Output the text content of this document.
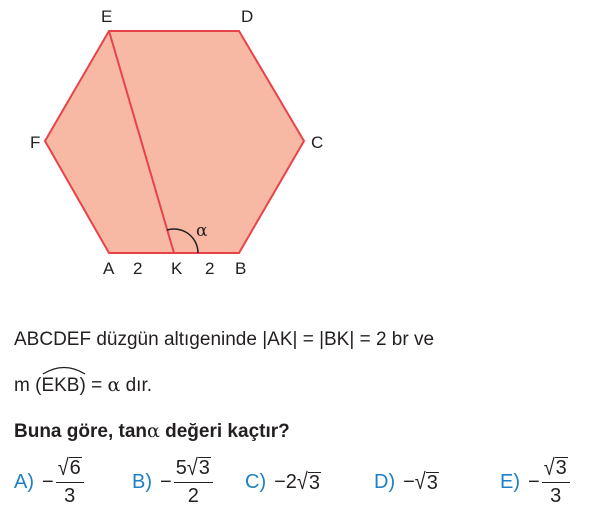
α
E	D
F	C
A 2 K 2 B
ABCDEF düzgün altıgeninde |AK| = |BK| = 2 br ve
m (
EKB) = α dır.
Buna göre, tanα değeri kaçtır?
$A) - \frac{√6}{3} B) - \frac{5√3}{2} C) - 2$ √ 3	D) − √ 3	$E) - \frac{√3}{3}$
